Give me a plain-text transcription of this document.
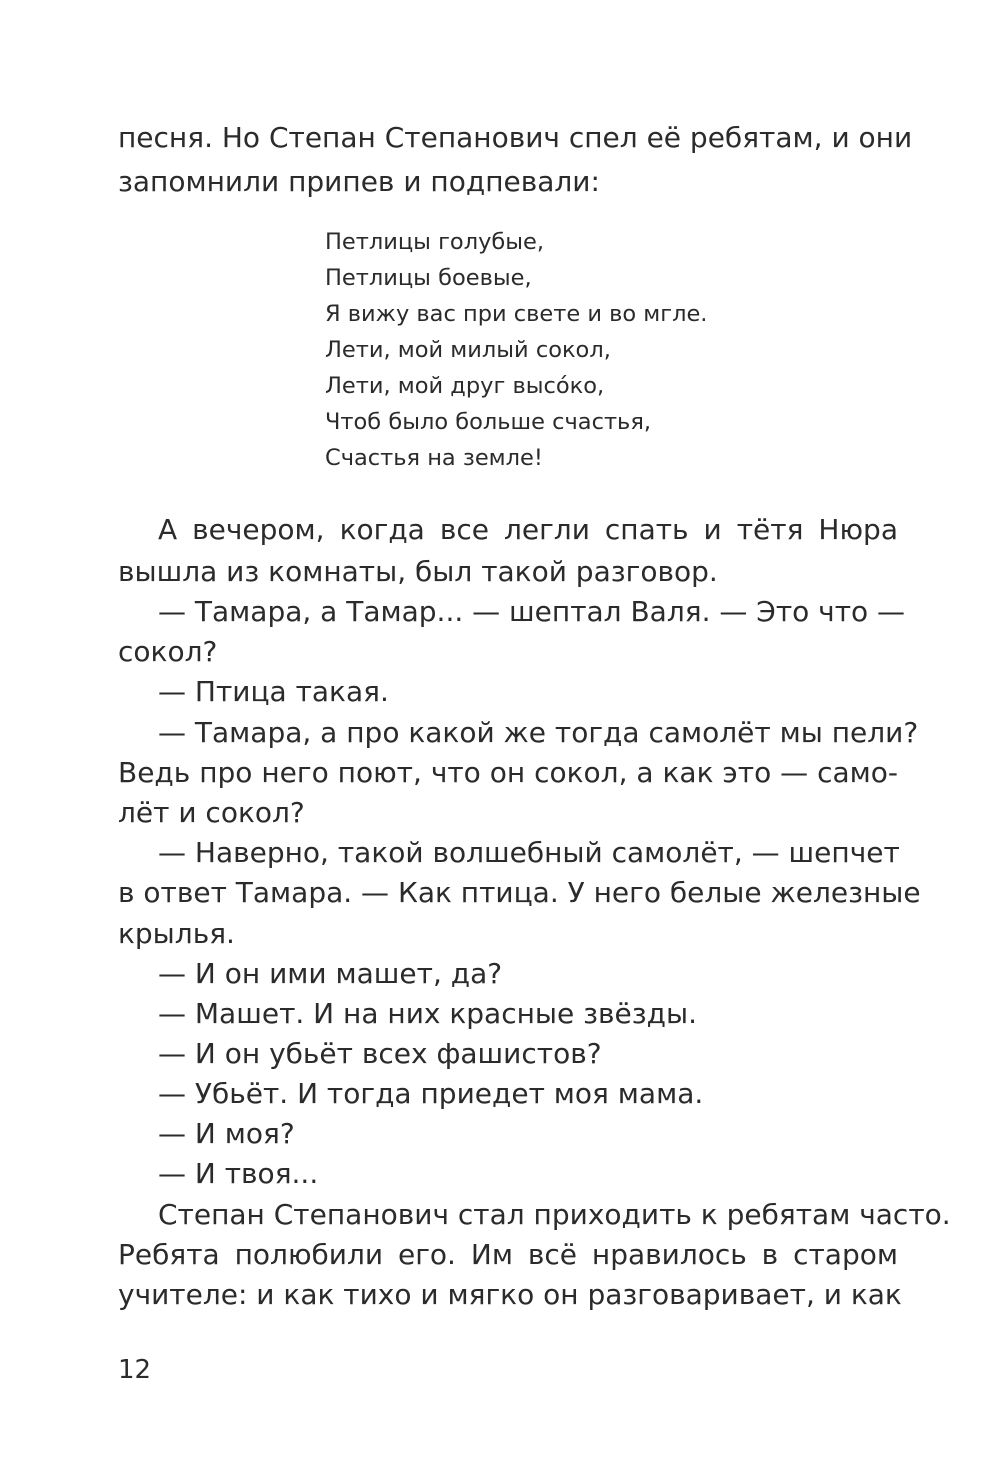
песня. Но Степан Степанович спел её ребятам, и они
запомнили припев и подпевали:
Петлицы голубые,
Петлицы боевые,
Я вижу вас при свете и во мгле.
Лети, мой милый сокол,
Лети, мой друг высо́ко,
Чтоб было больше счастья,
Счастья на земле!
А вечером, когда все легли спать и тётя Нюра
вышла из комнаты, был такой разговор.
— Тамара, а Тамар... — шептал Валя. — Это что —
сокол?
— Птица такая.
— Тамара, а про какой же тогда самолёт мы пели?
Ведь про него поют, что он сокол, а как это — само-
лёт и сокол?
— Наверно, такой волшебный самолёт, — шепчет
в ответ Тамара. — Как птица. У него белые железные
крылья.
— И он ими машет, да?
— Машет. И на них красные звёзды.
— И он убьёт всех фашистов?
— Убьёт. И тогда приедет моя мама.
— И моя?
— И твоя...
Степан Степанович стал приходить к ребятам часто.
Ребята полюбили его. Им всё нравилось в старом
учителе: и как тихо и мягко он разговаривает, и как
12
